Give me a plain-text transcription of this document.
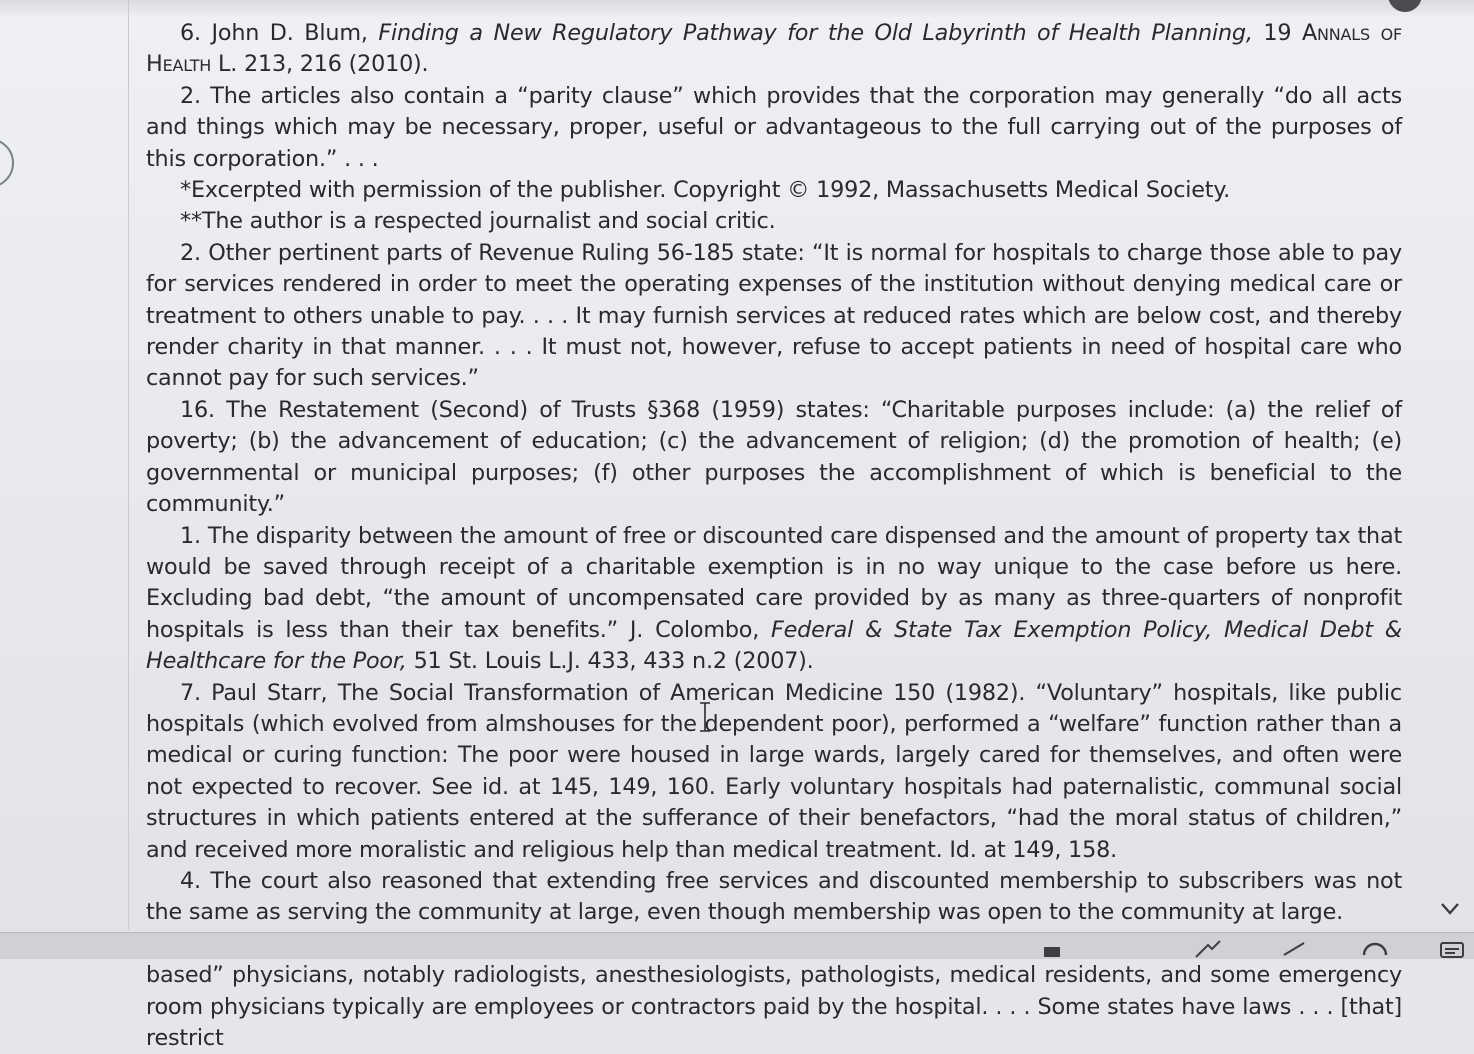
6. John D. Blum, Finding a New Regulatory Pathway for the Old Labyrinth of Health Planning, 19 Annals of Health L. 213, 216 (2010).

2. The articles also contain a “parity clause” which provides that the corporation may generally “do all acts and things which may be necessary, proper, useful or advantageous to the full carrying out of the purposes of this corporation.” . . .

*Excerpted with permission of the publisher. Copyright © 1992, Massachusetts Medical Society.

**The author is a respected journalist and social critic.

2. Other pertinent parts of Revenue Ruling 56-185 state: “It is normal for hospitals to charge those able to pay for services rendered in order to meet the operating expenses of the institution without denying medical care or treatment to others unable to pay. . . . It may furnish services at reduced rates which are below cost, and thereby render charity in that manner. . . . It must not, however, refuse to accept patients in need of hospital care who cannot pay for such services.”

16. The Restatement (Second) of Trusts §368 (1959) states: “Charitable purposes include: (a) the relief of poverty; (b) the advancement of education; (c) the advancement of religion; (d) the promotion of health; (e) governmental or municipal purposes; (f) other purposes the accomplishment of which is beneficial to the community.”

1. The disparity between the amount of free or discounted care dispensed and the amount of property tax that would be saved through receipt of a charitable exemption is in no way unique to the case before us here. Excluding bad debt, “the amount of uncompensated care provided by as many as three-quarters of nonprofit hospitals is less than their tax benefits.” J. Colombo, Federal & State Tax Exemption Policy, Medical Debt & Healthcare for the Poor, 51 St. Louis L.J. 433, 433 n.2 (2007).

7. Paul Starr, The Social Transformation of American Medicine 150 (1982). “Voluntary” hospitals, like public hospitals (which evolved from almshouses for the dependent poor), performed a “welfare” function rather than a medical or curing function: The poor were housed in large wards, largely cared for themselves, and often were not expected to recover. See id. at 145, 149, 160. Early voluntary hospitals had paternalistic, communal social structures in which patients entered at the sufferance of their benefactors, “had the moral status of children,” and received more moralistic and religious help than medical treatment. Id. at 149, 158.

4. The court also reasoned that extending free services and discounted membership to subscribers was not the same as serving the community at large, even though membership was open to the community at large.

based” physicians, notably radiologists, anesthesiologists, pathologists, medical residents, and some emergency room physicians typically are employees or contractors paid by the hospital. . . . Some states have laws . . . [that] restrict
